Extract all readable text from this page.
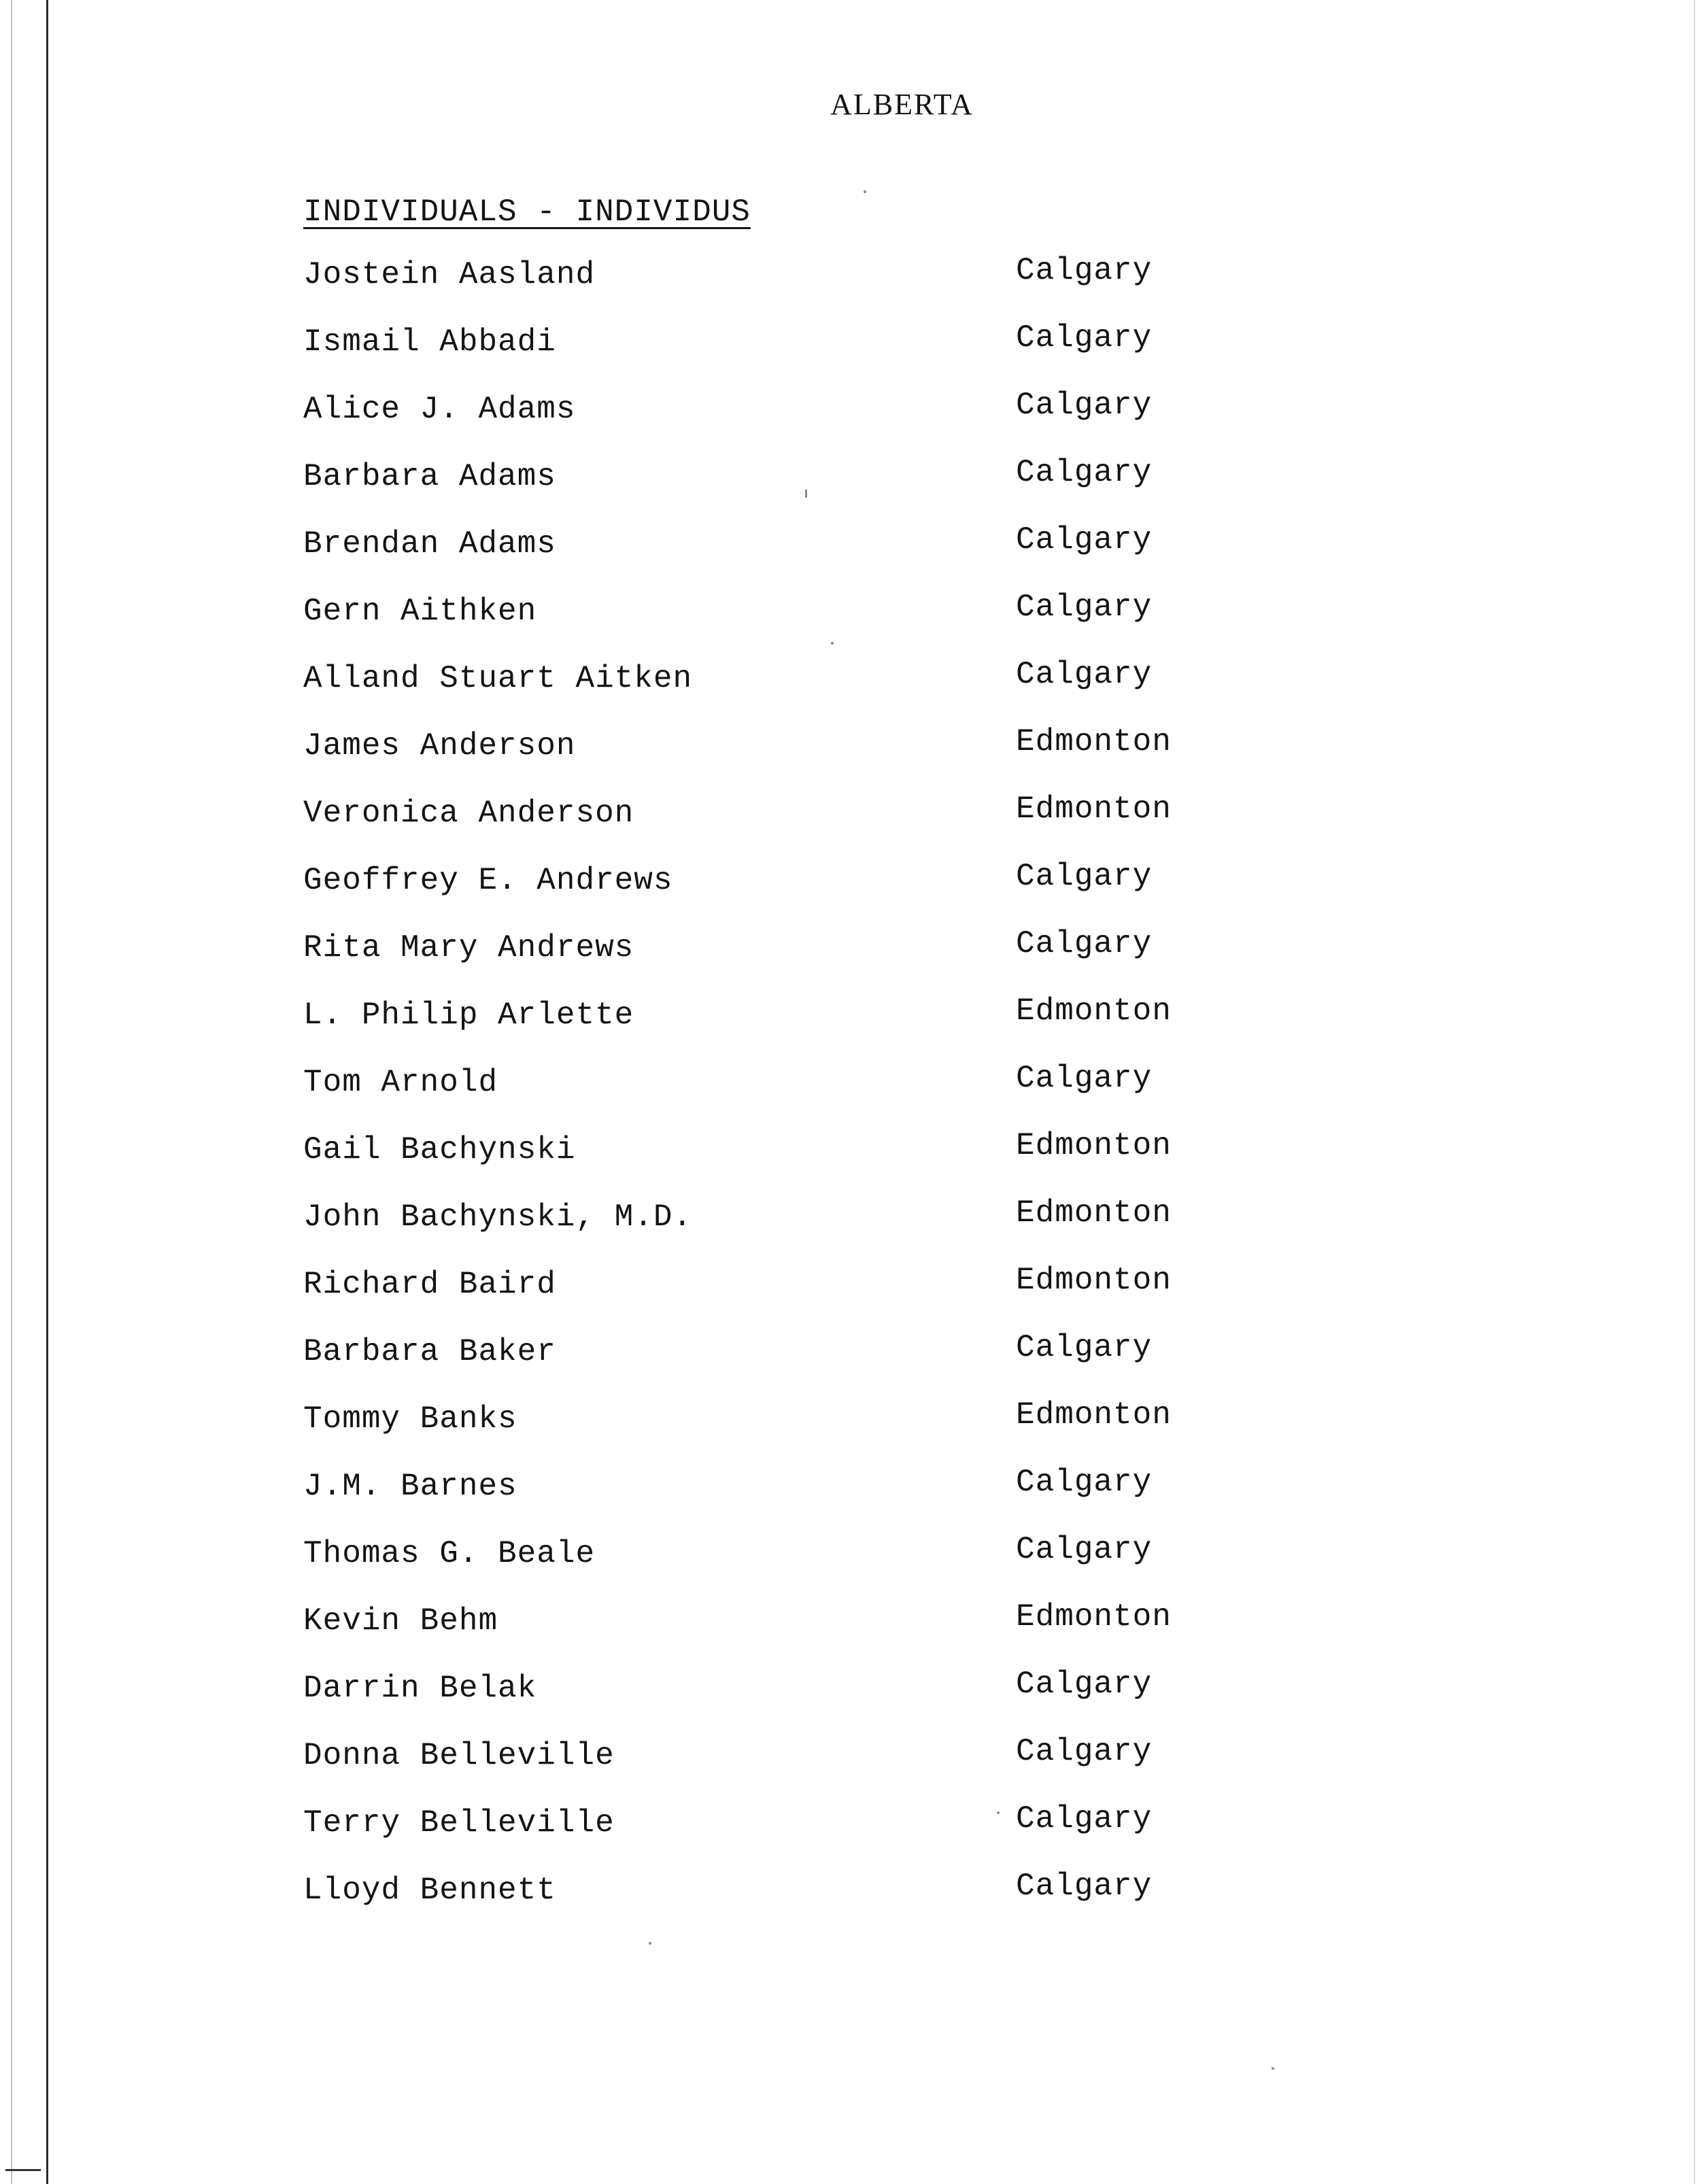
ALBERTA
INDIVIDUALS - INDIVIDUS
Jostein Aasland	Calgary
Ismail Abbadi	Calgary
Alice J. Adams	Calgary
Barbara Adams	Calgary
Brendan Adams	Calgary
Gern Aithken	Calgary
Alland Stuart Aitken	Calgary
James Anderson	Edmonton
Veronica Anderson	Edmonton
Geoffrey E. Andrews	Calgary
Rita Mary Andrews	Calgary
L. Philip Arlette	Edmonton
Tom Arnold	Calgary
Gail Bachynski	Edmonton
John Bachynski, M.D.	Edmonton
Richard Baird	Edmonton
Barbara Baker	Calgary
Tommy Banks	Edmonton
J.M. Barnes	Calgary
Thomas G. Beale	Calgary
Kevin Behm	Edmonton
Darrin Belak	Calgary
Donna Belleville	Calgary
Terry Belleville	Calgary
Lloyd Bennett	Calgary
